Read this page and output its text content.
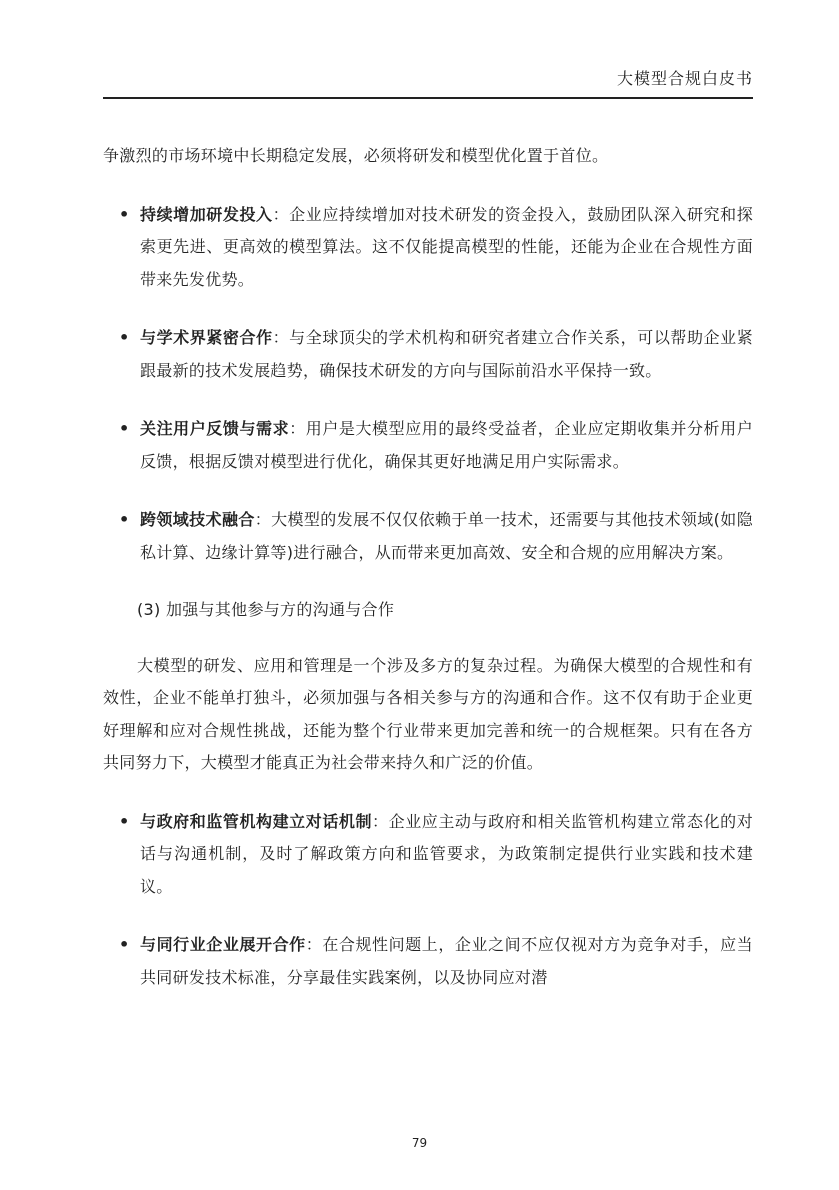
大模型合规白皮书

争激烈的市场环境中长期稳定发展，必须将研发和模型优化置于首位。

• 持续增加研发投入：企业应持续增加对技术研发的资金投入，鼓励团队深入研究和探索更先进、更高效的模型算法。这不仅能提高模型的性能，还能为企业在合规性方面带来先发优势。
• 与学术界紧密合作：与全球顶尖的学术机构和研究者建立合作关系，可以帮助企业紧跟最新的技术发展趋势，确保技术研发的方向与国际前沿水平保持一致。
• 关注用户反馈与需求：用户是大模型应用的最终受益者，企业应定期收集并分析用户反馈，根据反馈对模型进行优化，确保其更好地满足用户实际需求。
• 跨领域技术融合：大模型的发展不仅仅依赖于单一技术，还需要与其他技术领域(如隐私计算、边缘计算等)进行融合，从而带来更加高效、安全和合规的应用解决方案。

(3) 加强与其他参与方的沟通与合作

大模型的研发、应用和管理是一个涉及多方的复杂过程。为确保大模型的合规性和有效性，企业不能单打独斗，必须加强与各相关参与方的沟通和合作。这不仅有助于企业更好理解和应对合规性挑战，还能为整个行业带来更加完善和统一的合规框架。只有在各方共同努力下，大模型才能真正为社会带来持久和广泛的价值。

• 与政府和监管机构建立对话机制：企业应主动与政府和相关监管机构建立常态化的对话与沟通机制，及时了解政策方向和监管要求，为政策制定提供行业实践和技术建议。
• 与同行业企业展开合作：在合规性问题上，企业之间不应仅视对方为竞争对手，应当共同研发技术标准，分享最佳实践案例，以及协同应对潜
79
